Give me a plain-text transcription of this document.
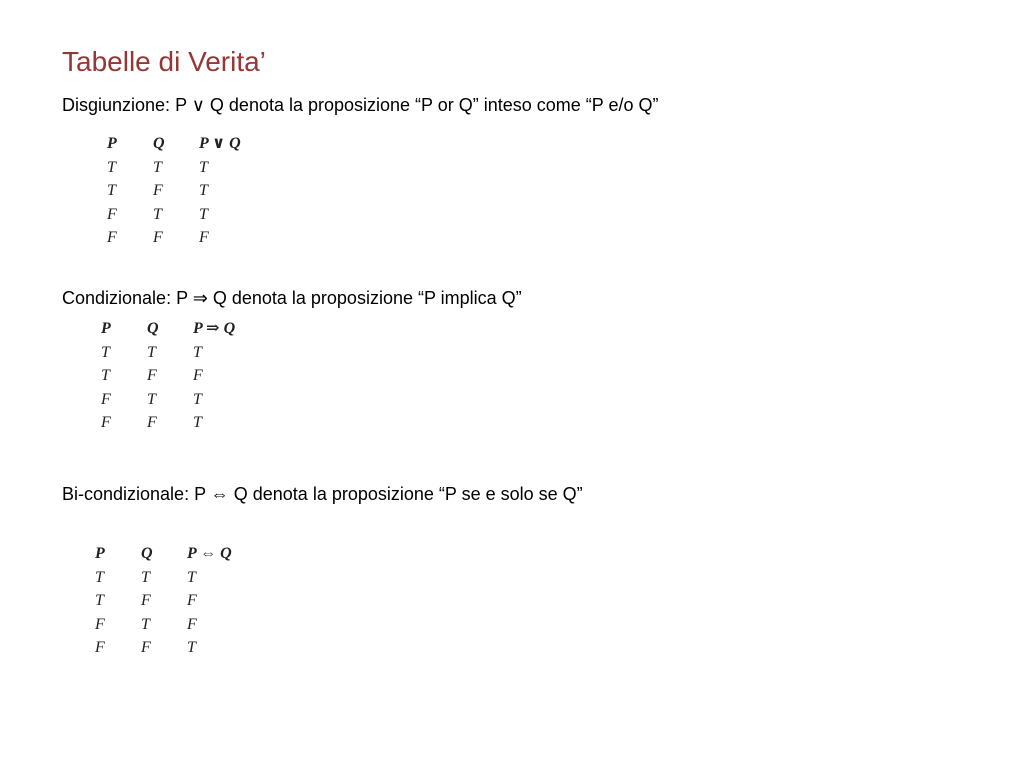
Tabelle di Verita’
Disgiunzione: P ∨ Q denota la proposizione “P or Q” inteso come “P e/o Q”
P Q P ∨ Q
T T T
T F T
F T T
F F F
Condizionale: P ⇒ Q denota la proposizione “P implica Q”
P Q P ⇒ Q
T T T
T F F
F T T
F F T
Bi-condizionale: P ⇔ Q denota la proposizione “P se e solo se Q”
P Q P ⇔ Q
T T T
T F F
F T F
F F T
